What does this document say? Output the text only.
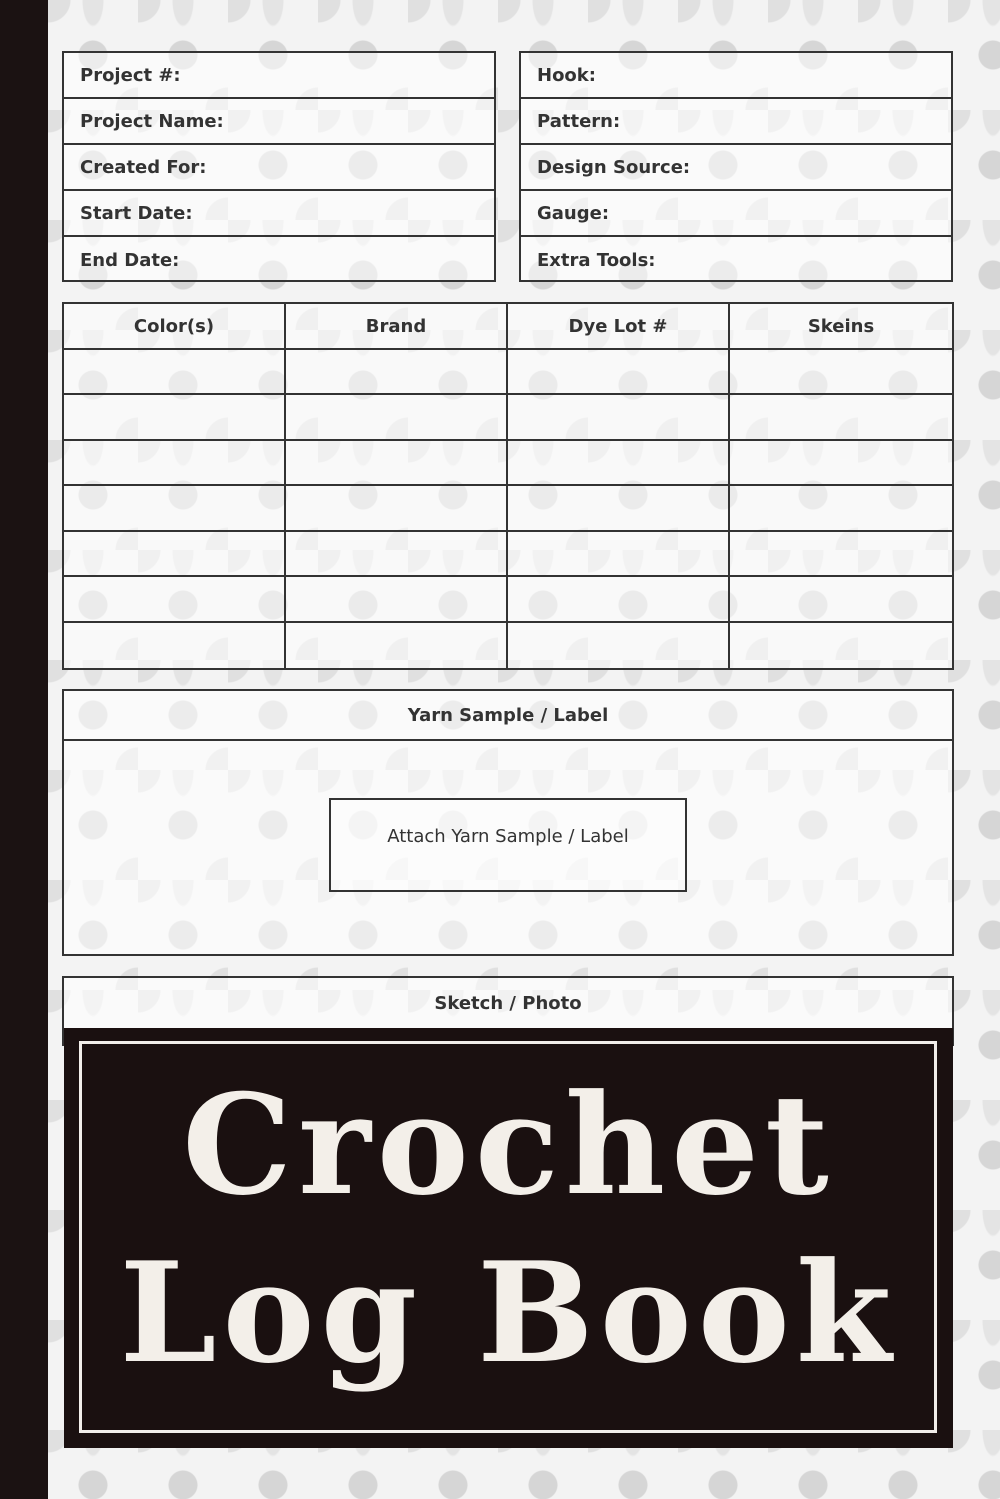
Project #:
Project Name:
Created For:
Start Date:
End Date:
Hook:
Pattern:
Design Source:
Gauge:
Extra Tools:
Color(s)	Brand	Dye Lot #	Skeins
Yarn Sample / Label
Attach Yarn Sample / Label
Sketch / Photo
Crochet
Log Book
